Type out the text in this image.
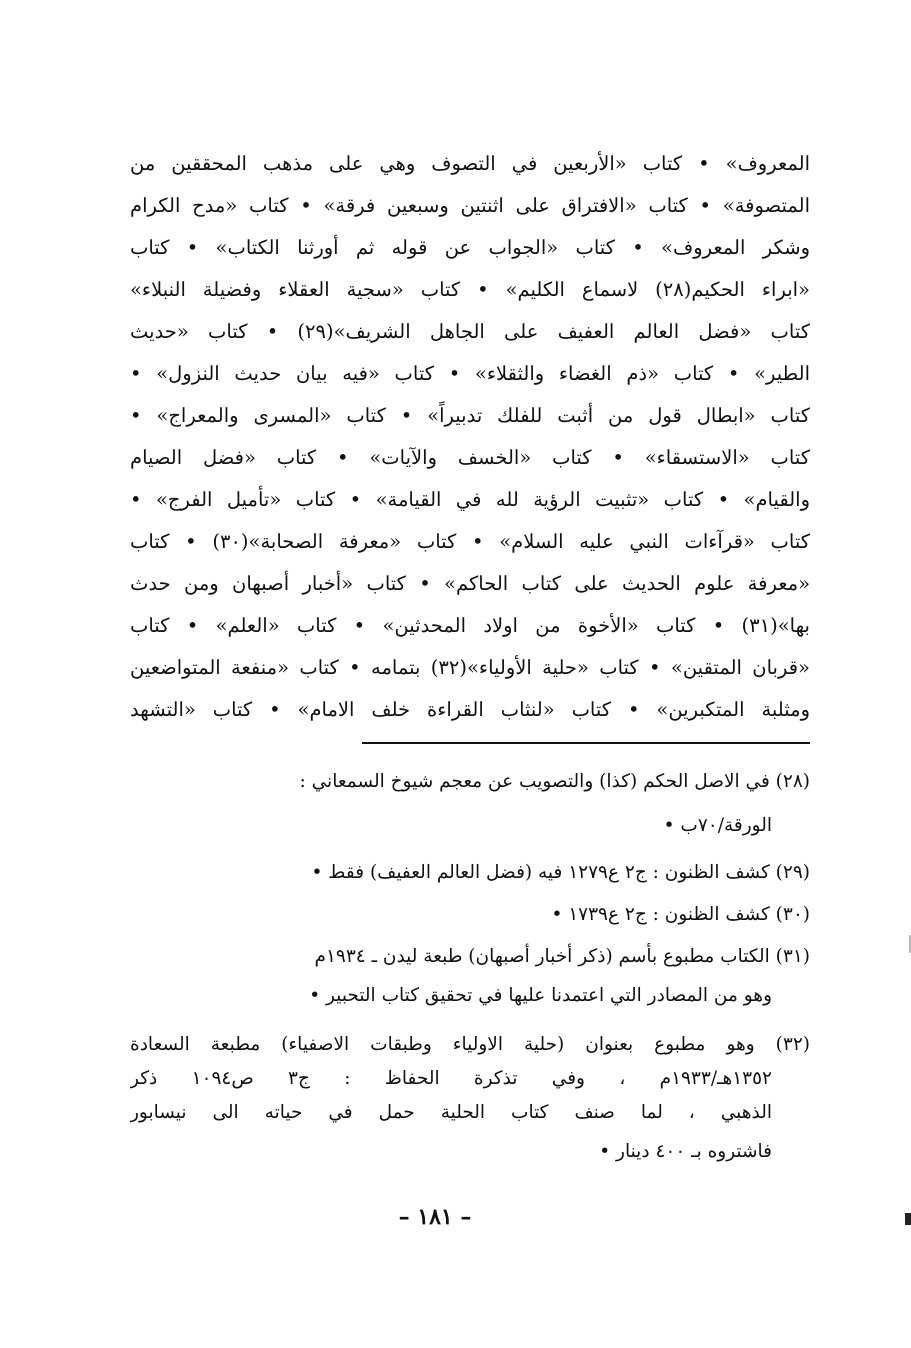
المعروف» • كتاب «الأربعين في التصوف وهي على مذهب المحققين من
المتصوفة» • كتاب «الافتراق على اثنتين وسبعين فرقة» • كتاب «مدح الكرام
وشكر المعروف» • كتاب «الجواب عن قوله ثم أورثنا الكتاب» • كتاب
«ابراء الحكيم(٢٨) لاسماع الكليم» • كتاب «سجية العقلاء وفضيلة النبلاء»
كتاب «فضل العالم العفيف على الجاهل الشريف»(٢٩) • كتاب «حديث
الطير» • كتاب «ذم الغضاء والثقلاء» • كتاب «فيه بيان حديث النزول» •
كتاب «ابطال قول من أثبت للفلك تدبيراً» • كتاب «المسرى والمعراج» •
كتاب «الاستسقاء» • كتاب «الخسف والآيات» • كتاب «فضل الصيام
والقيام» • كتاب «تثبيت الرؤية لله في القيامة» • كتاب «تأميل الفرج» •
كتاب «قرآءات النبي عليه السلام» • كتاب «معرفة الصحابة»(٣٠) • كتاب
«معرفة علوم الحديث على كتاب الحاكم» • كتاب «أخبار أصبهان ومن حدث
بها»(٣١) • كتاب «الأخوة من اولاد المحدثين» • كتاب «العلم» • كتاب
«قربان المتقين» • كتاب «حلية الأولياء»(٣٢) بتمامه • كتاب «منفعة المتواضعين
ومثلبة المتكبرين» • كتاب «لنثاب القراءة خلف الامام» • كتاب «التشهد
(٢٨) في الاصل الحكم (كذا) والتصويب عن معجم شيوخ السمعاني :
الورقة/٧٠ب •
(٢٩) كشف الظنون : ج٢ ع١٢٧٩ فيه (فضل العالم العفيف) فقط •
(٣٠) كشف الظنون : ج٢ ع١٧٣٩ •
(٣١) الكتاب مطبوع بأسم (ذكر أخبار أصبهان) طبعة ليدن ـ ١٩٣٤م
وهو من المصادر التي اعتمدنا عليها في تحقيق كتاب التحبير •
(٣٢) وهو مطبوع بعنوان (حلية الاولياء وطبقات الاصفياء) مطبعة السعادة
١٣٥٢هـ/١٩٣٣م ، وفي تذكرة الحفاظ : ج٣ ص١٠٩٤ ذكر
الذهبي ، لما صنف كتاب الحلية حمل في حياته الى نيسابور
فاشتروه بـ ٤٠٠ دينار •
– ١٨١ –
